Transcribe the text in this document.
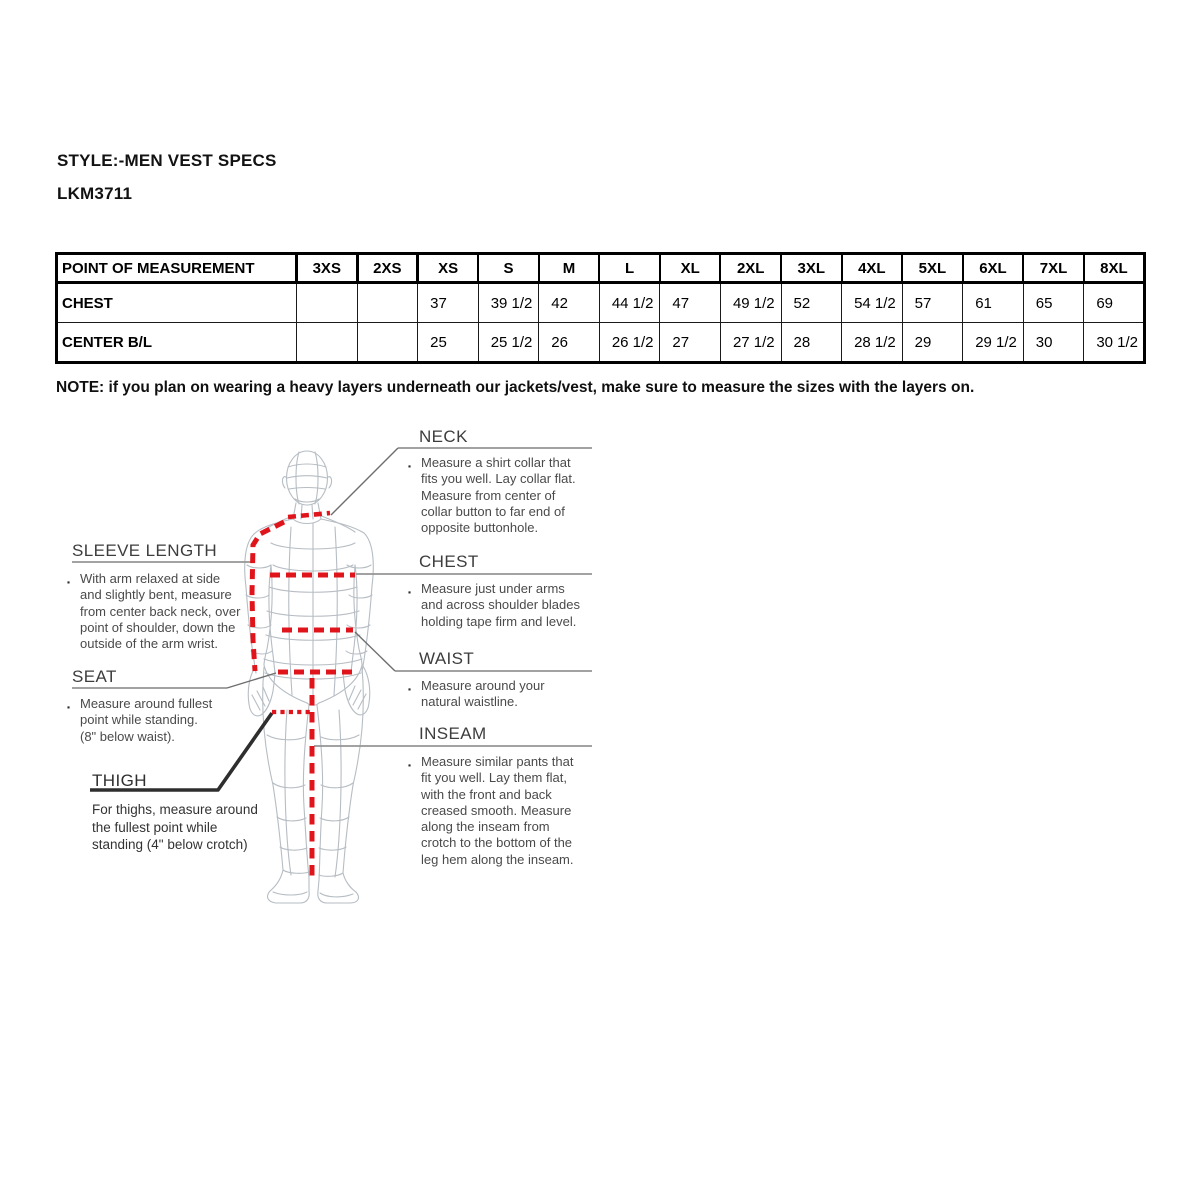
STYLE:-MEN VEST SPECS
LKM3711
POINT OF MEASUREMENT	3XS	2XS	XS	S	M	L	XL	2XL	3XL	4XL	5XL	6XL	7XL	8XL
CHEST			37	39 1/2	42	44 1/2	47	49 1/2	52	54 1/2	57	61	65	69
CENTER B/L			25	25 1/2	26	26 1/2	27	27 1/2	28	28 1/2	29	29 1/2	30	30 1/2
NOTE: if you plan on wearing a heavy layers underneath our jackets/vest, make sure to measure the sizes with the layers on.
SLEEVE LENGTH
▪ With arm relaxed at side
and slightly bent, measure
from center back neck, over
point of shoulder, down the
outside of the arm wrist.
SEAT
▪ Measure around fullest
point while standing.
(8" below waist).
THIGH
For thighs, measure around
the fullest point while
standing (4" below crotch)
NECK
▪ Measure a shirt collar that
fits you well. Lay collar flat.
Measure from center of
collar button to far end of
opposite buttonhole.
CHEST
▪ Measure just under arms
and across shoulder blades
holding tape firm and level.
WAIST
▪ Measure around your
natural waistline.
INSEAM
▪ Measure similar pants that
fit you well. Lay them flat,
with the front and back
creased smooth. Measure
along the inseam from
crotch to the bottom of the
leg hem along the inseam.
